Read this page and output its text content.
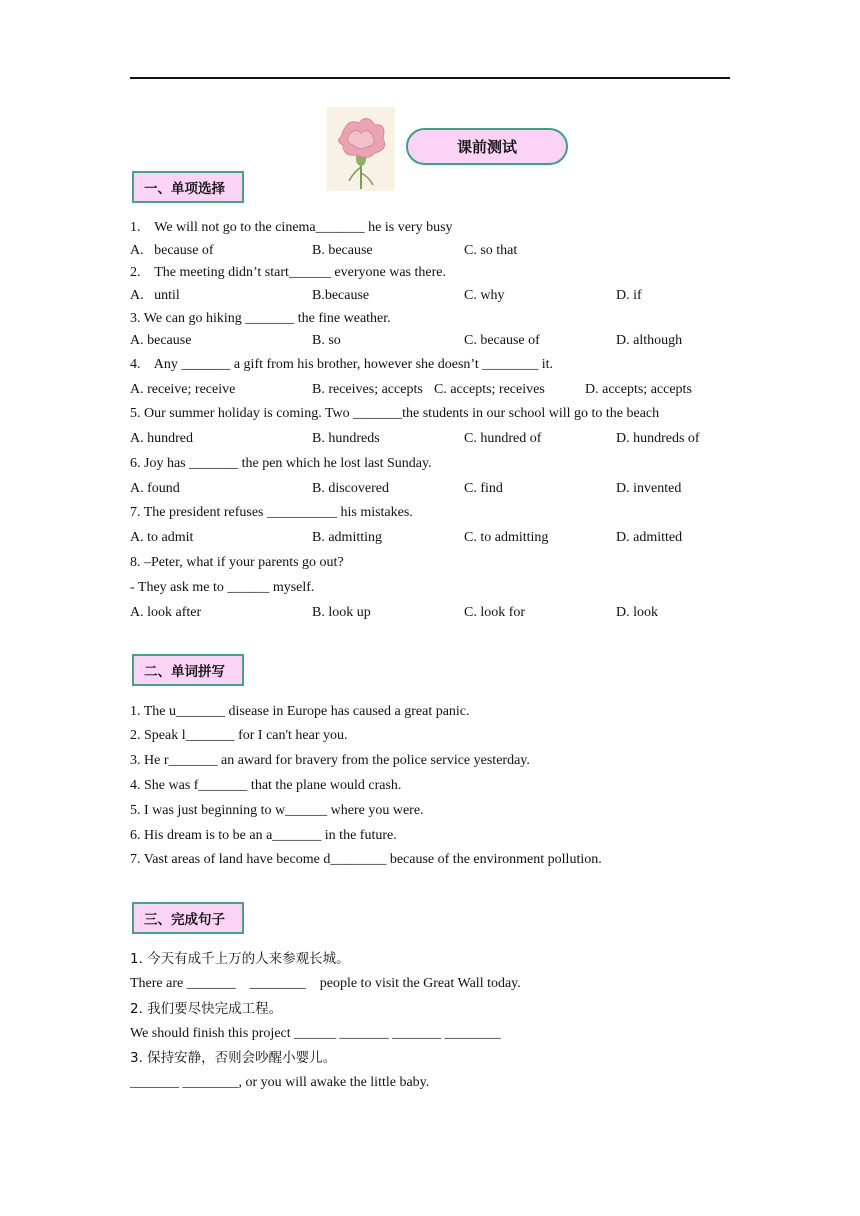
课前测试
一、单项选择
1.    We will not go to the cinema_______ he is very busy
A.   because of	B. because	C. so that
2.    The meeting didn’t start______ everyone was there.
A.   until	B.because	C. why	D. if
3. We can go hiking _______ the fine weather.
A. because	B. so	C. because of	D. although
4.    Any _______ a gift from his brother, however she doesn’t ________ it.
A. receive; receive	B. receives; accepts C. accepts; receives	D. accepts; accepts
5. Our summer holiday is coming. Two _______the students in our school will go to the beach
A. hundred	B. hundreds	C. hundred of	D. hundreds of
6. Joy has _______ the pen which he lost last Sunday.
A. found	B. discovered	C. find	D. invented
7. The president refuses __________ his mistakes.
A. to admit	B. admitting	C. to admitting	D. admitted
8. –Peter, what if your parents go out?
- They ask me to ______ myself.
A. look after	B. look up	C. look for	D. look
二、单词拼写
1. The u_______ disease in Europe has caused a great panic.
2. Speak l_______ for I can't hear you.
3. He r_______ an award for bravery from the police service yesterday.
4. She was f_______ that the plane would crash.
5. I was just beginning to w______ where you were.
6. His dream is to be an a_______ in the future.
7. Vast areas of land have become d________ because of the environment pollution.
三、完成句子
1. 今天有成千上万的人来参观长城。
There are _______    ________    people to visit the Great Wall today.
2. 我们要尽快完成工程。
We should finish this project ______ _______ _______ ________
3. 保持安静，否则会吵醒小婴儿。
_______ ________, or you will awake the little baby.
